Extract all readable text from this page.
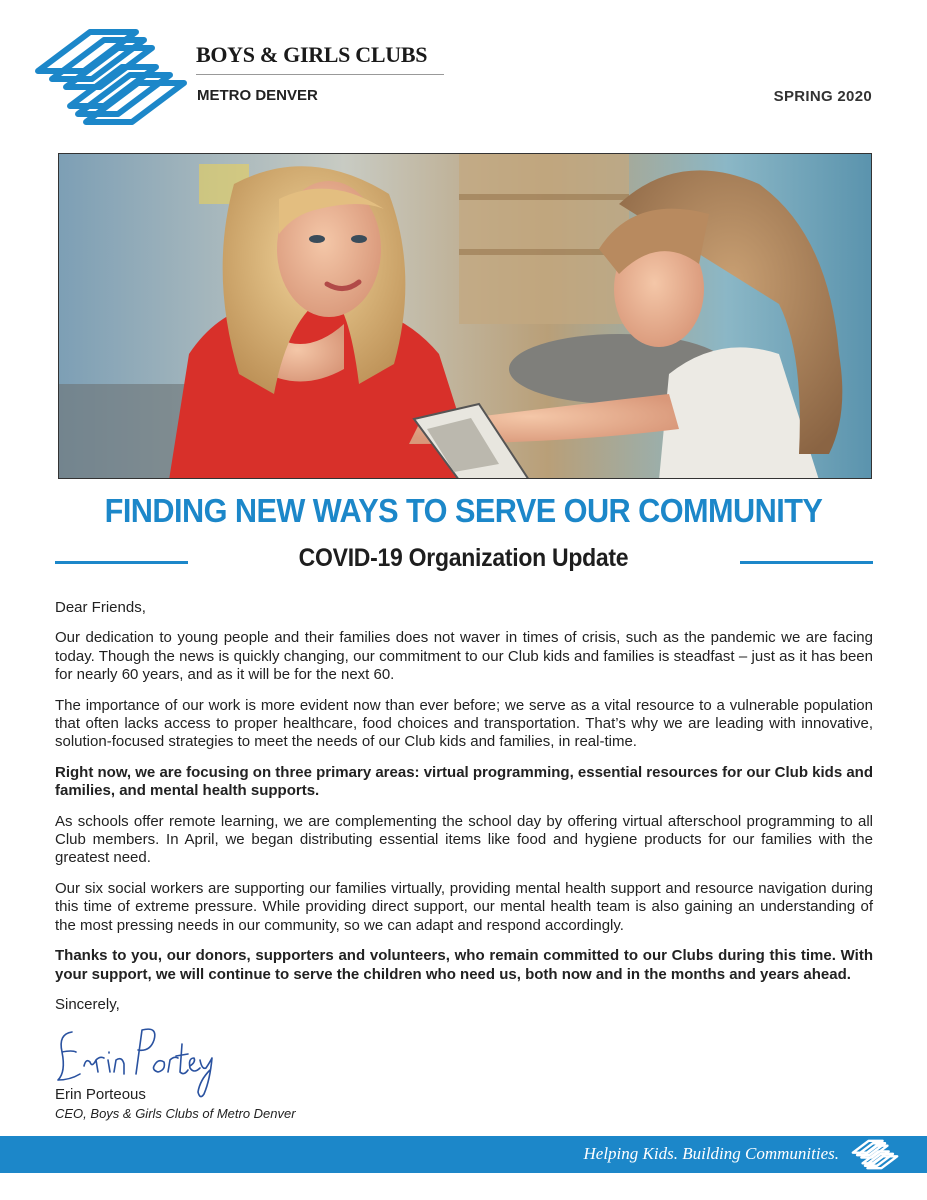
BOYS & GIRLS CLUBS
METRO DENVER	SPRING 2020
FINDING NEW WAYS TO SERVE OUR COMMUNITY
COVID-19 Organization Update

Dear Friends,

Our dedication to young people and their families does not waver in times of crisis, such as the pandemic we are facing today. Though the news is quickly changing, our commitment to our Club kids and families is steadfast – just as it has been for nearly 60 years, and as it will be for the next 60.

The importance of our work is more evident now than ever before; we serve as a vital resource to a vulnerable population that often lacks access to proper healthcare, food choices and transportation. That’s why we are leading with innovative, solution-focused strategies to meet the needs of our Club kids and families, in real-time.

Right now, we are focusing on three primary areas: virtual programming, essential resources for our Club kids and families, and mental health supports.

As schools offer remote learning, we are complementing the school day by offering virtual afterschool programming to all Club members. In April, we began distributing essential items like food and hygiene products for our families with the greatest need.

Our six social workers are supporting our families virtually, providing mental health support and resource navigation during this time of extreme pressure. While providing direct support, our mental health team is also gaining an understanding of the most pressing needs in our community, so we can adapt and respond accordingly.

Thanks to you, our donors, supporters and volunteers, who remain committed to our Clubs during this time. With your support, we will continue to serve the children who need us, both now and in the months and years ahead.

Sincerely,

Erin Porteous
CEO, Boys & Girls Clubs of Metro Denver
Helping Kids. Building Communities.
